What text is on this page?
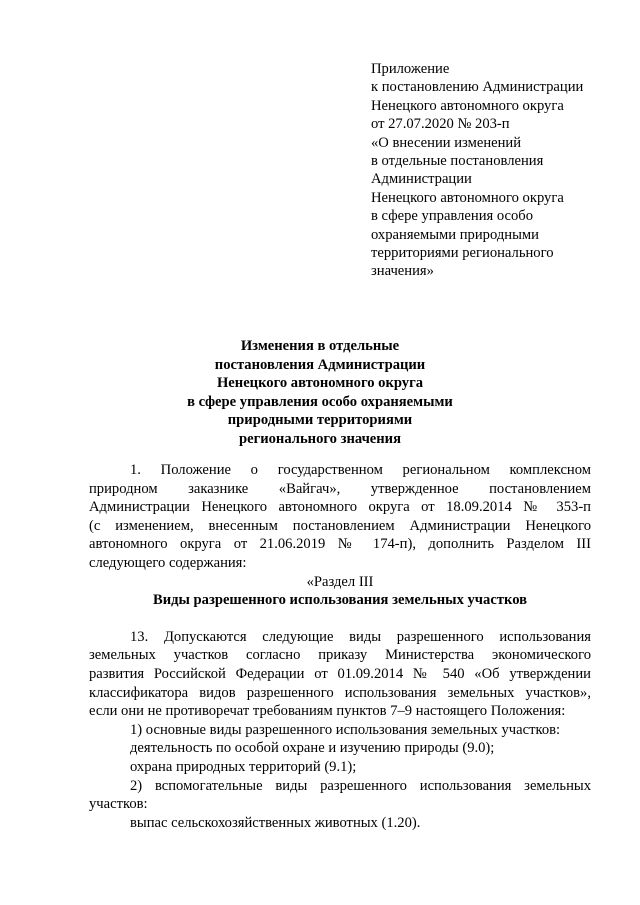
Приложение
к постановлению Администрации
Ненецкого автономного округа
от 27.07.2020 № 203-п
«О внесении изменений
в отдельные постановления
Администрации
Ненецкого автономного округа
в сфере управления особо
охраняемыми природными
территориями регионального
значения»
Изменения в отдельные
постановления Администрации
Ненецкого автономного округа
в сфере управления особо охраняемыми
природными территориями
регионального значения
1. Положение о государственном региональном комплексном
природном заказнике «Вайгач», утвержденное постановлением
Администрации Ненецкого автономного округа от 18.09.2014 № 353-п
(с изменением, внесенным постановлением Администрации Ненецкого
автономного округа от 21.06.2019 № 174-п), дополнить Разделом III
следующего содержания:
«Раздел III
Виды разрешенного использования земельных участков
13. Допускаются следующие виды разрешенного использования
земельных участков согласно приказу Министерства экономического
развития Российской Федерации от 01.09.2014 № 540 «Об утверждении
классификатора видов разрешенного использования земельных участков»,
если они не противоречат требованиям пунктов 7–9 настоящего Положения:
1) основные виды разрешенного использования земельных участков:
деятельность по особой охране и изучению природы (9.0);
охрана природных территорий (9.1);
2) вспомогательные виды разрешенного использования земельных
участков:
выпас сельскохозяйственных животных (1.20).
